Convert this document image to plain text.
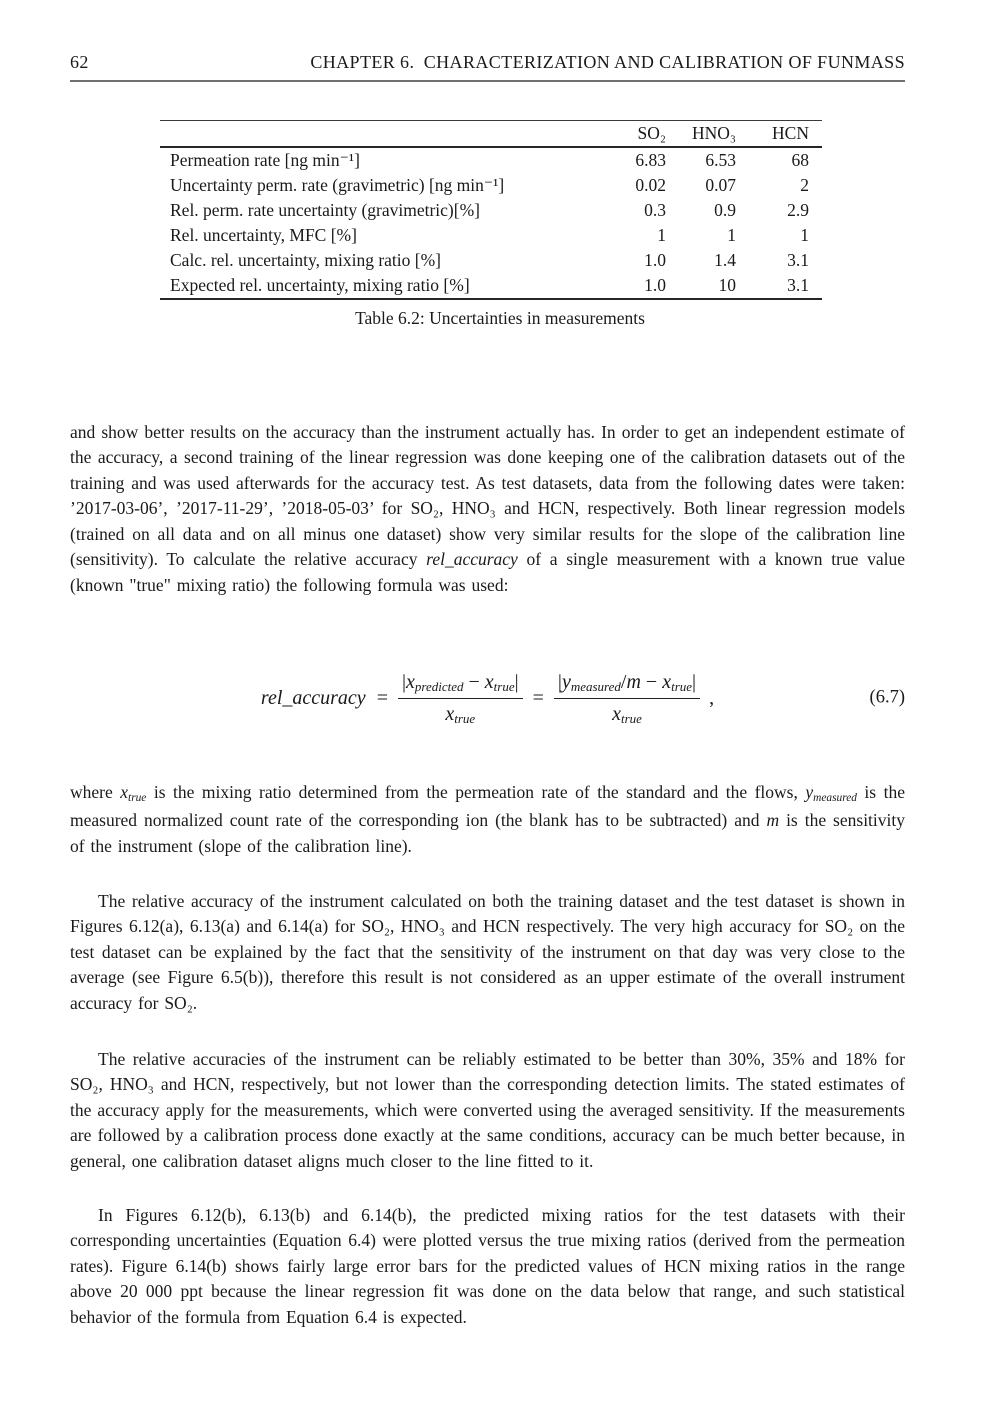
62	CHAPTER 6. CHARACTERIZATION AND CALIBRATION OF FUNMASS
	SO₂	HNO₃	HCN
Permeation rate [ng min⁻¹]	6.83	6.53	68
Uncertainty perm. rate (gravimetric) [ng min⁻¹]	0.02	0.07	2
Rel. perm. rate uncertainty (gravimetric)[%]	0.3	0.9	2.9
Rel. uncertainty, MFC [%]	1	1	1
Calc. rel. uncertainty, mixing ratio [%]	1.0	1.4	3.1
Expected rel. uncertainty, mixing ratio [%]	1.0	10	3.1
Table 6.2: Uncertainties in measurements

and show better results on the accuracy than the instrument actually has. In order to get an independent estimate of the accuracy, a second training of the linear regression was done keeping one of the calibration datasets out of the training and was used afterwards for the accuracy test. As test datasets, data from the following dates were taken: ’2017-03-06’, ’2017-11-29’, ’2018-05-03’ for SO₂, HNO₃ and HCN, respectively. Both linear regression models (trained on all data and on all minus one dataset) show very similar results for the slope of the calibration line (sensitivity). To calculate the relative accuracy rel_accuracy of a single measurement with a known true value (known "true" mixing ratio) the following formula was used:

rel_accuracy = $\frac{\text{|xpredicted − xtrue|}}{\text{xtrue}} = \frac{\text{|ymeasured/m − xtrue|}}{\text{xtrue}}$ ,	(6.7)

where xtrue is the mixing ratio determined from the permeation rate of the standard and the flows, ymeasured is the measured normalized count rate of the corresponding ion (the blank has to be subtracted) and m is the sensitivity of the instrument (slope of the calibration line).

The relative accuracy of the instrument calculated on both the training dataset and the test dataset is shown in Figures 6.12(a), 6.13(a) and 6.14(a) for SO₂, HNO₃ and HCN respectively. The very high accuracy for SO₂ on the test dataset can be explained by the fact that the sensitivity of the instrument on that day was very close to the average (see Figure 6.5(b)), therefore this result is not considered as an upper estimate of the overall instrument accuracy for SO₂.

The relative accuracies of the instrument can be reliably estimated to be better than 30%, 35% and 18% for SO₂, HNO₃ and HCN, respectively, but not lower than the corresponding detection limits. The stated estimates of the accuracy apply for the measurements, which were converted using the averaged sensitivity. If the measurements are followed by a calibration process done exactly at the same conditions, accuracy can be much better because, in general, one calibration dataset aligns much closer to the line fitted to it.

In Figures 6.12(b), 6.13(b) and 6.14(b), the predicted mixing ratios for the test datasets with their corresponding uncertainties (Equation 6.4) were plotted versus the true mixing ratios (derived from the permeation rates). Figure 6.14(b) shows fairly large error bars for the predicted values of HCN mixing ratios in the range above 20 000 ppt because the linear regression fit was done on the data below that range, and such statistical behavior of the formula from Equation 6.4 is expected.
